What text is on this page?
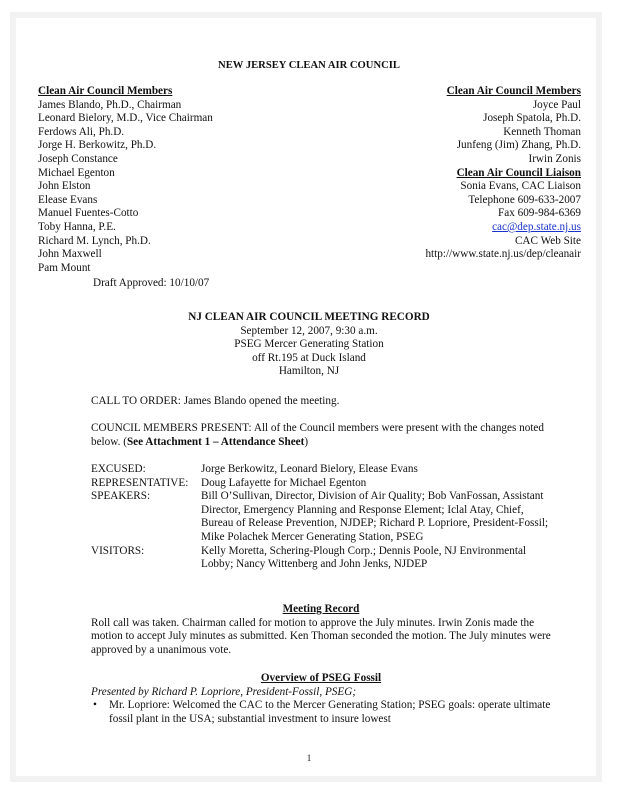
NEW JERSEY CLEAN AIR COUNCIL
Clean Air Council Members
James Blando, Ph.D., Chairman
Leonard Bielory, M.D., Vice Chairman
Ferdows Ali, Ph.D.
Jorge H. Berkowitz, Ph.D.
Joseph Constance
Michael Egenton
John Elston
Elease Evans
Manuel Fuentes-Cotto
Toby Hanna, P.E.
Richard M. Lynch, Ph.D.
John Maxwell
Pam Mount
Clean Air Council Members
Joyce Paul
Joseph Spatola, Ph.D.
Kenneth Thoman
Junfeng (Jim) Zhang, Ph.D.
Irwin Zonis
Clean Air Council Liaison
Sonia Evans, CAC Liaison
Telephone 609-633-2007
Fax 609-984-6369
cac@dep.state.nj.us
CAC Web Site
http://www.state.nj.us/dep/cleanair
Draft Approved: 10/10/07
NJ CLEAN AIR COUNCIL MEETING RECORD
September 12, 2007, 9:30 a.m.
PSEG Mercer Generating Station
off Rt.195 at Duck Island
Hamilton, NJ
CALL TO ORDER: James Blando opened the meeting.
COUNCIL MEMBERS PRESENT: All of the Council members were present with the changes noted below. (See Attachment 1 – Attendance Sheet)
EXCUSED:	Jorge Berkowitz, Leonard Bielory, Elease Evans
REPRESENTATIVE: Doug Lafayette for Michael Egenton
SPEAKERS:	Bill O’Sullivan, Director, Division of Air Quality; Bob VanFossan, Assistant Director, Emergency Planning and Response Element; Iclal Atay, Chief, Bureau of Release Prevention, NJDEP; Richard P. Lopriore, President-Fossil; Mike Polachek Mercer Generating Station, PSEG
VISITORS:	Kelly Moretta, Schering-Plough Corp.; Dennis Poole, NJ Environmental Lobby; Nancy Wittenberg and John Jenks, NJDEP
Meeting Record
Roll call was taken. Chairman called for motion to approve the July minutes. Irwin Zonis made the motion to accept July minutes as submitted. Ken Thoman seconded the motion. The July minutes were approved by a unanimous vote.
Overview of PSEG Fossil
Presented by Richard P. Lopriore, President-Fossil, PSEG;
• Mr. Lopriore: Welcomed the CAC to the Mercer Generating Station; PSEG goals: operate ultimate fossil plant in the USA; substantial investment to insure lowest
1
